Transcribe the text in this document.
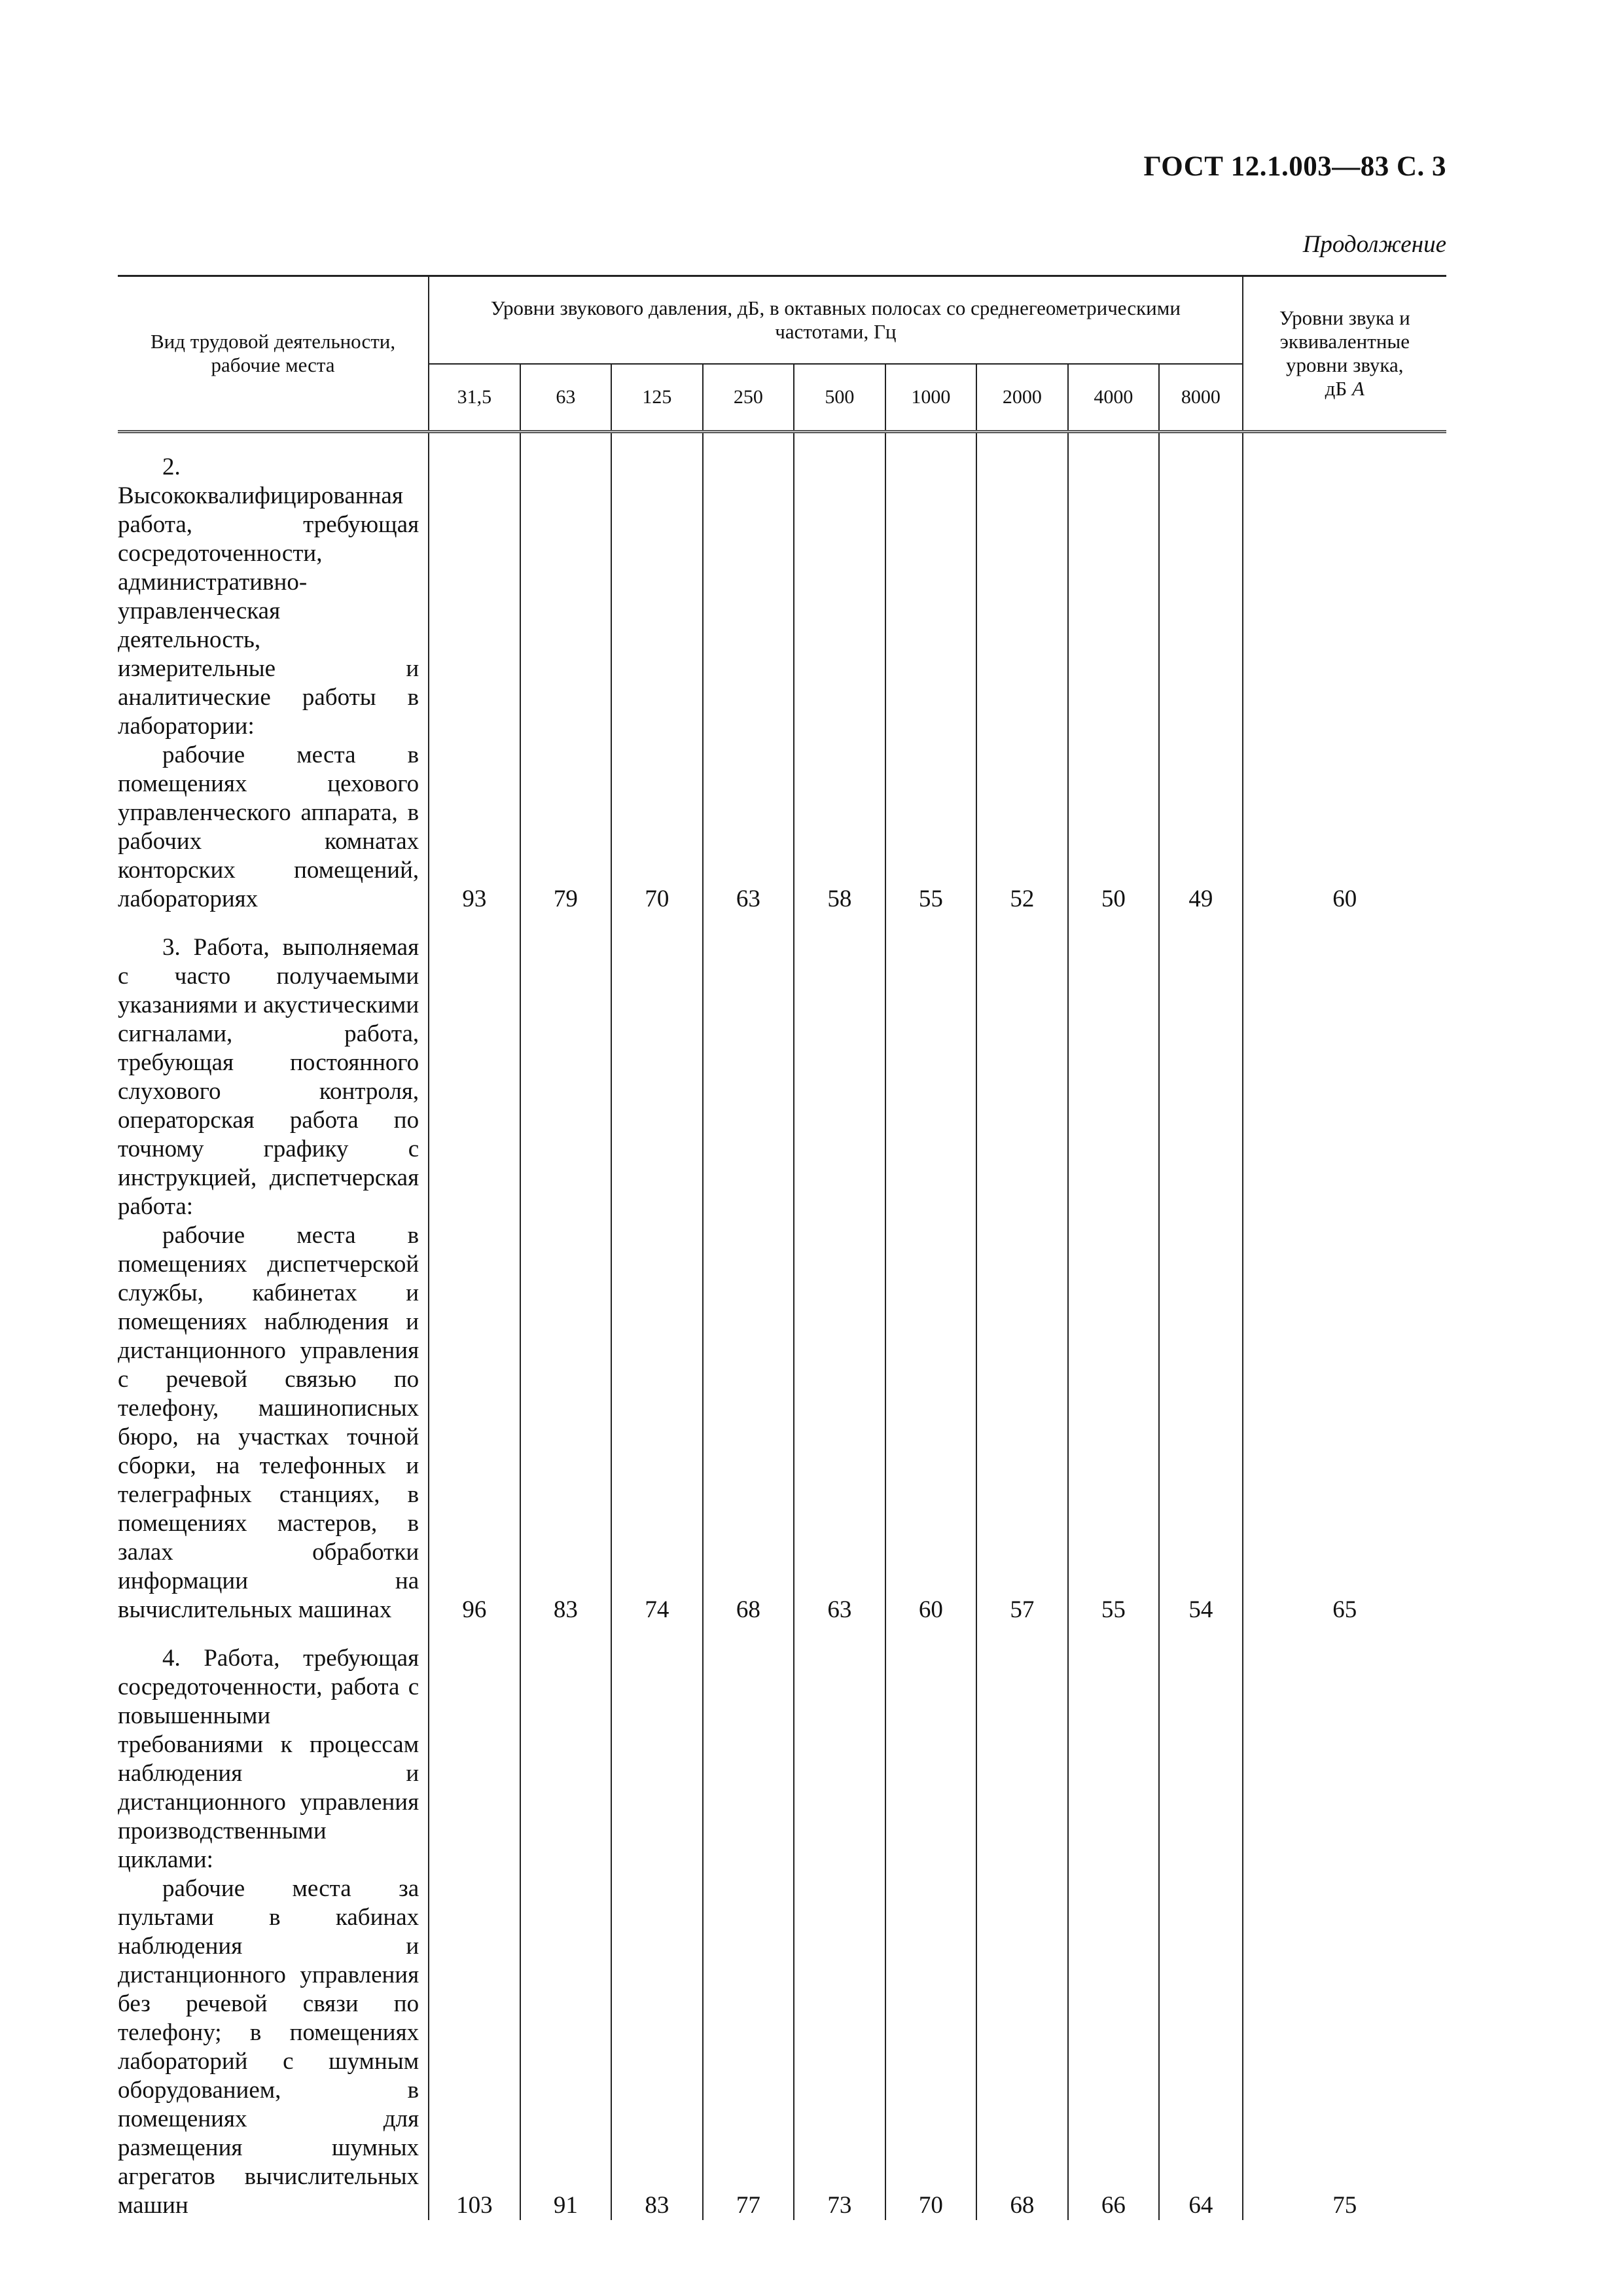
ГОСТ 12.1.003—83 С. 3
Продолжение
Вид трудовой деятельности, рабочие места	Уровни звукового давления, дБ, в октавных полосах со среднегеометрическими частотами, Гц									Уровни звука и эквивалентные уровни звука,
дБ А
	31,5	63	125	250	500	1000	2000	4000	8000	

2. Высококвалифицированная работа, требующая сосредоточенности, административно-управленческая деятельность, измерительные и аналитические работы в лаборатории:
рабочие места в помещениях цехового управленческого аппарата, в рабочих комнатах конторских помещений, лабораториях	93	79	70	63	58	55	52	50	49	60

3. Работа, выполняемая с часто получаемыми указаниями и акустическими сигналами, работа, требующая постоянного слухового контроля, операторская работа по точному графику с инструкцией, диспетчерская работа:
рабочие места в помещениях диспетчерской службы, кабинетах и помещениях наблюдения и дистанционного управления с речевой связью по телефону, машинописных бюро, на участках точной сборки, на телефонных и телеграфных станциях, в помещениях мастеров, в залах обработки информации на вычислительных машинах	96	83	74	68	63	60	57	55	54	65

4. Работа, требующая сосредоточенности, работа с повышенными требованиями к процессам наблюдения и дистанционного управления производственными циклами:
рабочие места за пультами в кабинах наблюдения и дистанционного управления без речевой связи по телефону; в помещениях лабораторий с шумным оборудованием, в помещениях для размещения шумных агрегатов вычислительных машин	103	91	83	77	73	70	68	66	64	75
